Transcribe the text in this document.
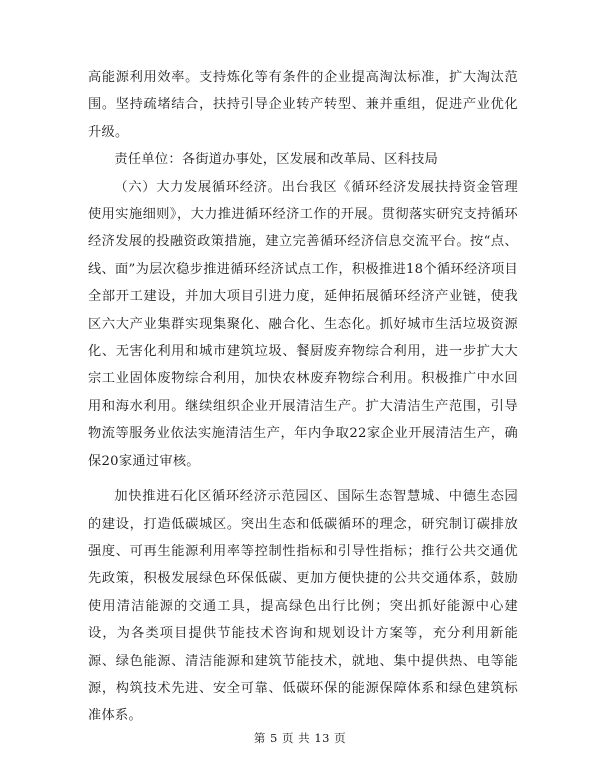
高能源利用效率。支持炼化等有条件的企业提高淘汰标准，扩大淘汰范围。坚持疏堵结合，扶持引导企业转产转型、兼并重组，促进产业优化升级。

责任单位：各街道办事处，区发展和改革局、区科技局

（六）大力发展循环经济。出台我区《循环经济发展扶持资金管理使用实施细则》，大力推进循环经济工作的开展。贯彻落实研究支持循环经济发展的投融资政策措施，建立完善循环经济信息交流平台。按“点、线、面”为层次稳步推进循环经济试点工作，积极推进18个循环经济项目全部开工建设，并加大项目引进力度，延伸拓展循环经济产业链，使我区六大产业集群实现集聚化、融合化、生态化。抓好城市生活垃圾资源化、无害化利用和城市建筑垃圾、餐厨废弃物综合利用，进一步扩大大宗工业固体废物综合利用，加快农林废弃物综合利用。积极推广中水回用和海水利用。继续组织企业开展清洁生产。扩大清洁生产范围，引导物流等服务业依法实施清洁生产，年内争取22家企业开展清洁生产，确保20家通过审核。

加快推进石化区循环经济示范园区、国际生态智慧城、中德生态园的建设，打造低碳城区。突出生态和低碳循环的理念，研究制订碳排放强度、可再生能源利用率等控制性指标和引导性指标；推行公共交通优先政策，积极发展绿色环保低碳、更加方便快捷的公共交通体系，鼓励使用清洁能源的交通工具，提高绿色出行比例；突出抓好能源中心建设，为各类项目提供节能技术咨询和规划设计方案等，充分利用新能源、绿色能源、清洁能源和建筑节能技术，就地、集中提供热、电等能源，构筑技术先进、安全可靠、低碳环保的能源保障体系和绿色建筑标准体系。

第 5 页 共 13 页
